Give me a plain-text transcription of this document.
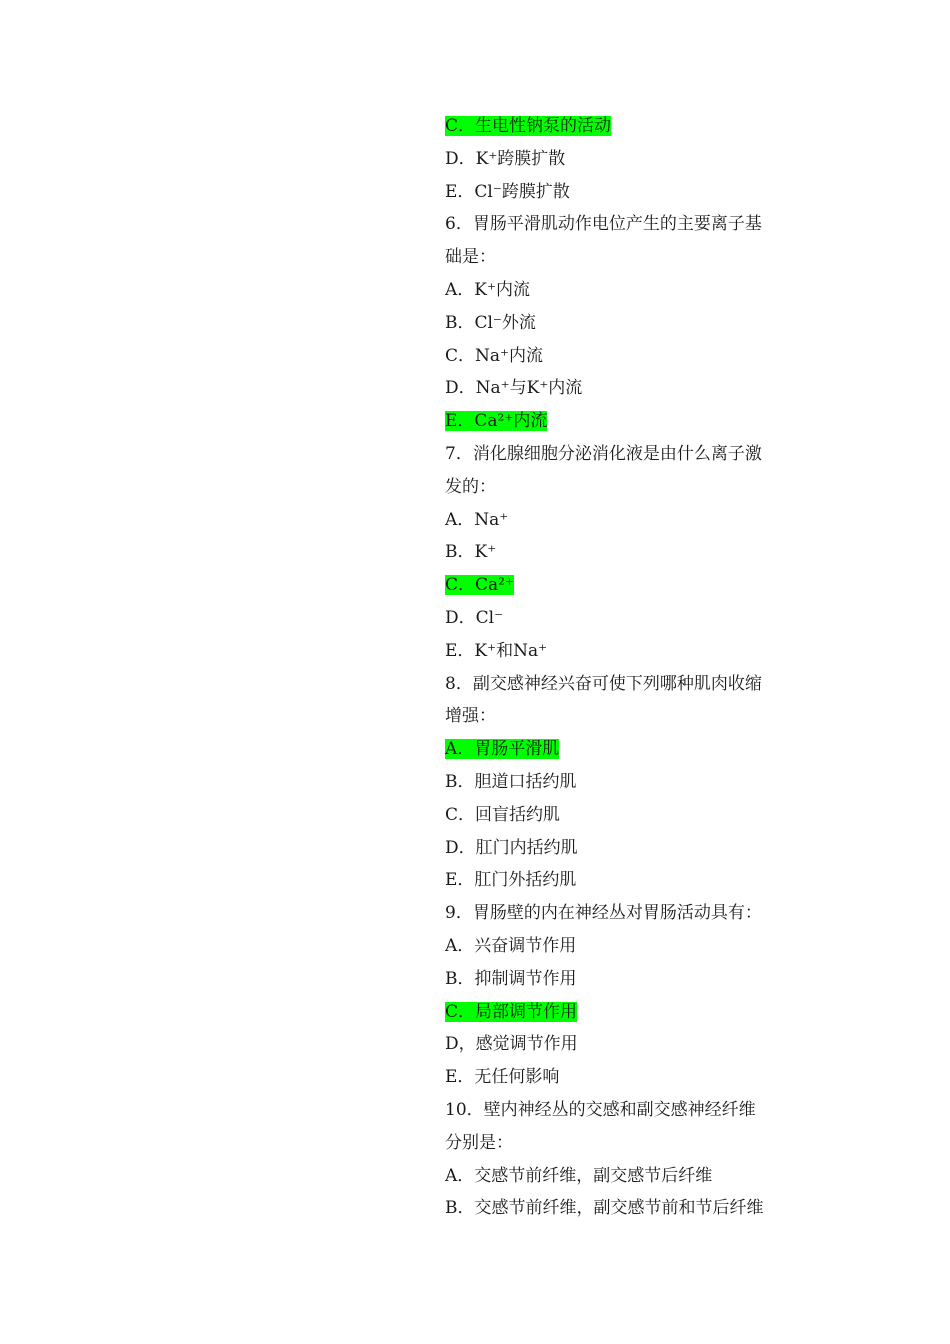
C．生电性钠泵的活动
D．K⁺跨膜扩散
E．Cl⁻跨膜扩散
6．胃肠平滑肌动作电位产生的主要离子基
础是：
A．K⁺内流
B．Cl⁻外流
C．Na⁺内流
D．Na⁺与K⁺内流
E．Ca²⁺内流
7．消化腺细胞分泌消化液是由什么离子激
发的：
A．Na⁺
B．K⁺
C．Ca²⁺
D．Cl⁻
E．K⁺和Na⁺
8．副交感神经兴奋可使下列哪种肌肉收缩
增强：
A．胃肠平滑肌
B．胆道口括约肌
C．回盲括约肌
D．肛门内括约肌
E．肛门外括约肌
9．胃肠壁的内在神经丛对胃肠活动具有：
A．兴奋调节作用
B．抑制调节作用
C．局部调节作用
D，感觉调节作用
E．无任何影响
10．壁内神经丛的交感和副交感神经纤维
分别是：
A．交感节前纤维，副交感节后纤维
B．交感节前纤维，副交感节前和节后纤维
